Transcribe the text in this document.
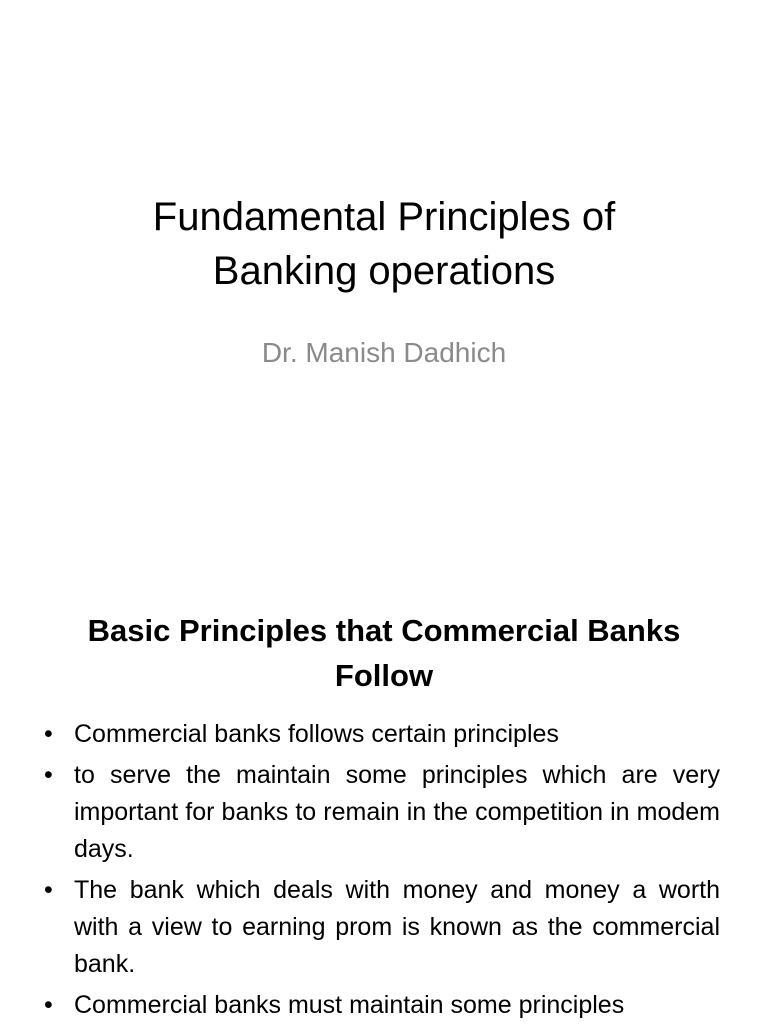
Fundamental Principles of
Banking operations
Dr. Manish Dadhich
Basic Principles that Commercial Banks
Follow
• Commercial banks follows certain principles
• to serve the maintain some principles which are very important for banks to remain in the competition in modem days.
• The bank which deals with money and money a worth with a view to earning prom is known as the commercial bank.
• Commercial banks must maintain some principles
